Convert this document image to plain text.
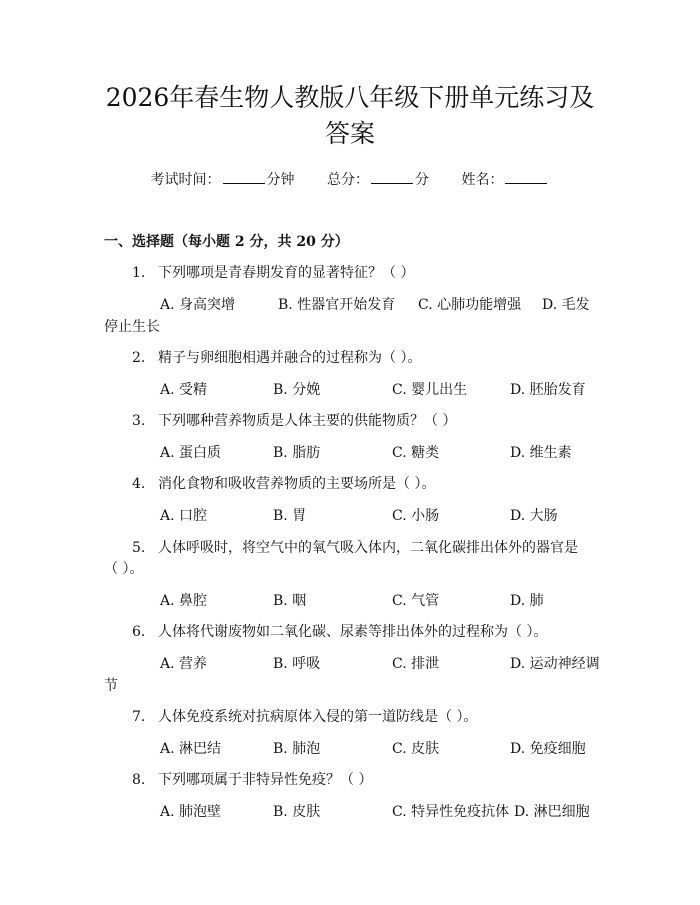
2026年春生物人教版八年级下册单元练习及
答案
考试时间：	分钟 总分：	分 姓名：
一、选择题（每小题 2 分，共 20 分）
1. 下列哪项是青春期发育的显著特征？（ ）
A. 身高突增	B. 性器官开始发育 C. 心肺功能增强 D. 毛发
停止生长
2. 精子与卵细胞相遇并融合的过程称为（ ）。
A. 受精	B. 分娩	C. 婴儿出生	D. 胚胎发育
3. 下列哪种营养物质是人体主要的供能物质？（ ）
A. 蛋白质	B. 脂肪	C. 糖类	D. 维生素
4. 消化食物和吸收营养物质的主要场所是（ ）。
A. 口腔	B. 胃	C. 小肠	D. 大肠
5. 人体呼吸时，将空气中的氧气吸入体内，二氧化碳排出体外的器官是
（ ）。
A. 鼻腔	B. 咽	C. 气管	D. 肺
6. 人体将代谢废物如二氧化碳、尿素等排出体外的过程称为（ ）。
A. 营养	B. 呼吸	C. 排泄	D. 运动神经调
节
7. 人体免疫系统对抗病原体入侵的第一道防线是（ ）。
A. 淋巴结	B. 肺泡	C. 皮肤	D. 免疫细胞
8. 下列哪项属于非特异性免疫？（ ）
A. 肺泡壁	B. 皮肤	C. 特异性免疫抗体 D. 淋巴细胞
